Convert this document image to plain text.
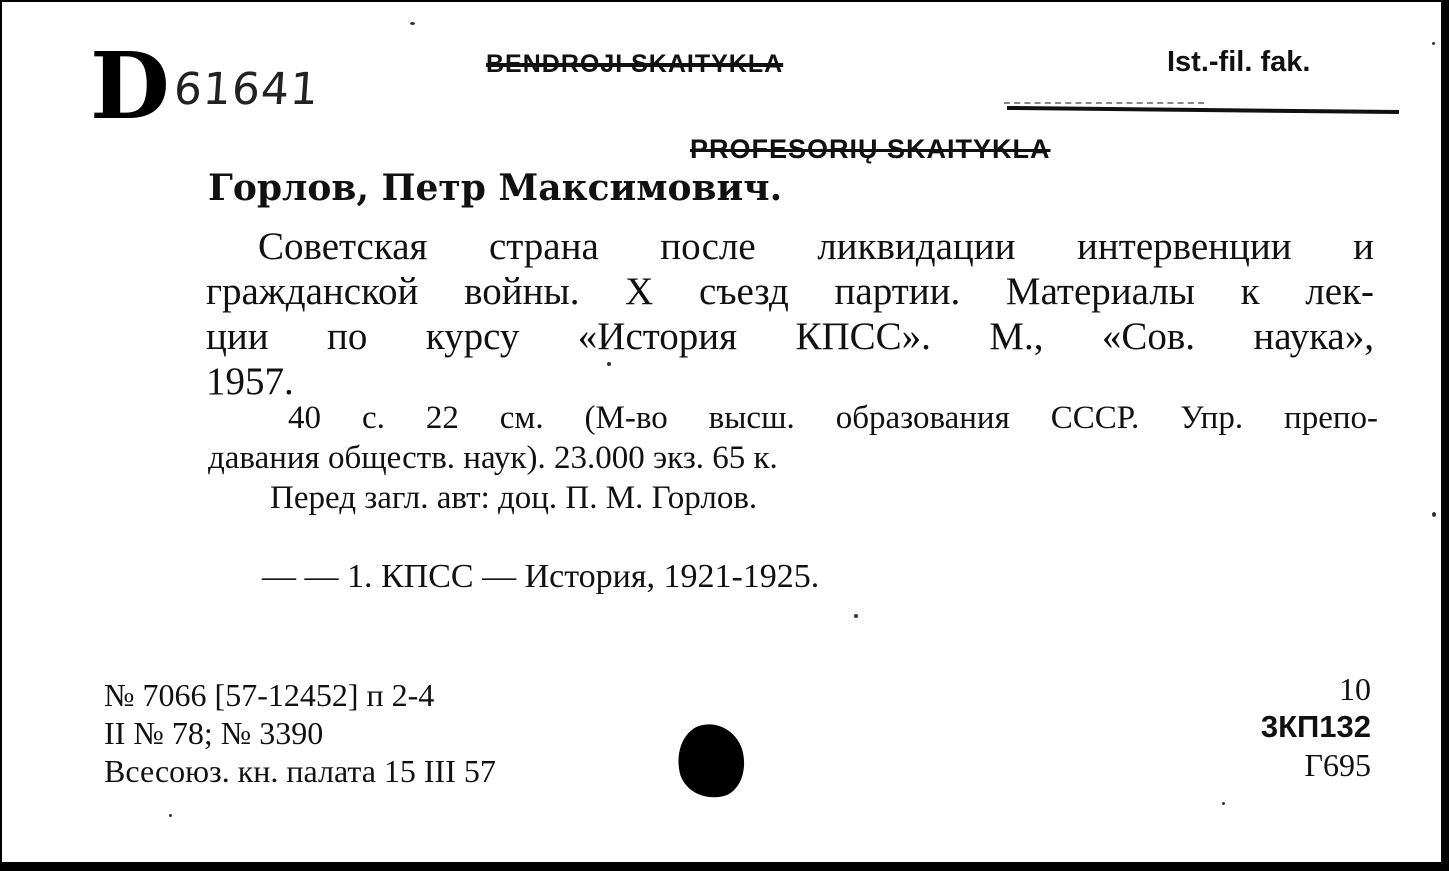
D 61641	BENDROJI SKAITYKLA	Ist.-fil. fak.
PROFESORIŲ SKAITYKLA
Горлов, Петр Максимович.
Советская страна после ликвидации интервенции и
гражданской войны. X съезд партии. Материалы к лек-
ции по курсу «История КПСС». М., «Сов. наука»,
1957.
40 с. 22 см. (М-во высш. образования СССР. Упр. препо-
давания обществ. наук). 23.000 экз. 65 к.
Перед загл. авт: доц. П. М. Горлов.
— — 1. КПСС — История, 1921-1925.
№ 7066 [57-12452] п 2-4
II № 78; № 3390
Всесоюз. кн. палата 15 III 57
10
3КП132
Г695
